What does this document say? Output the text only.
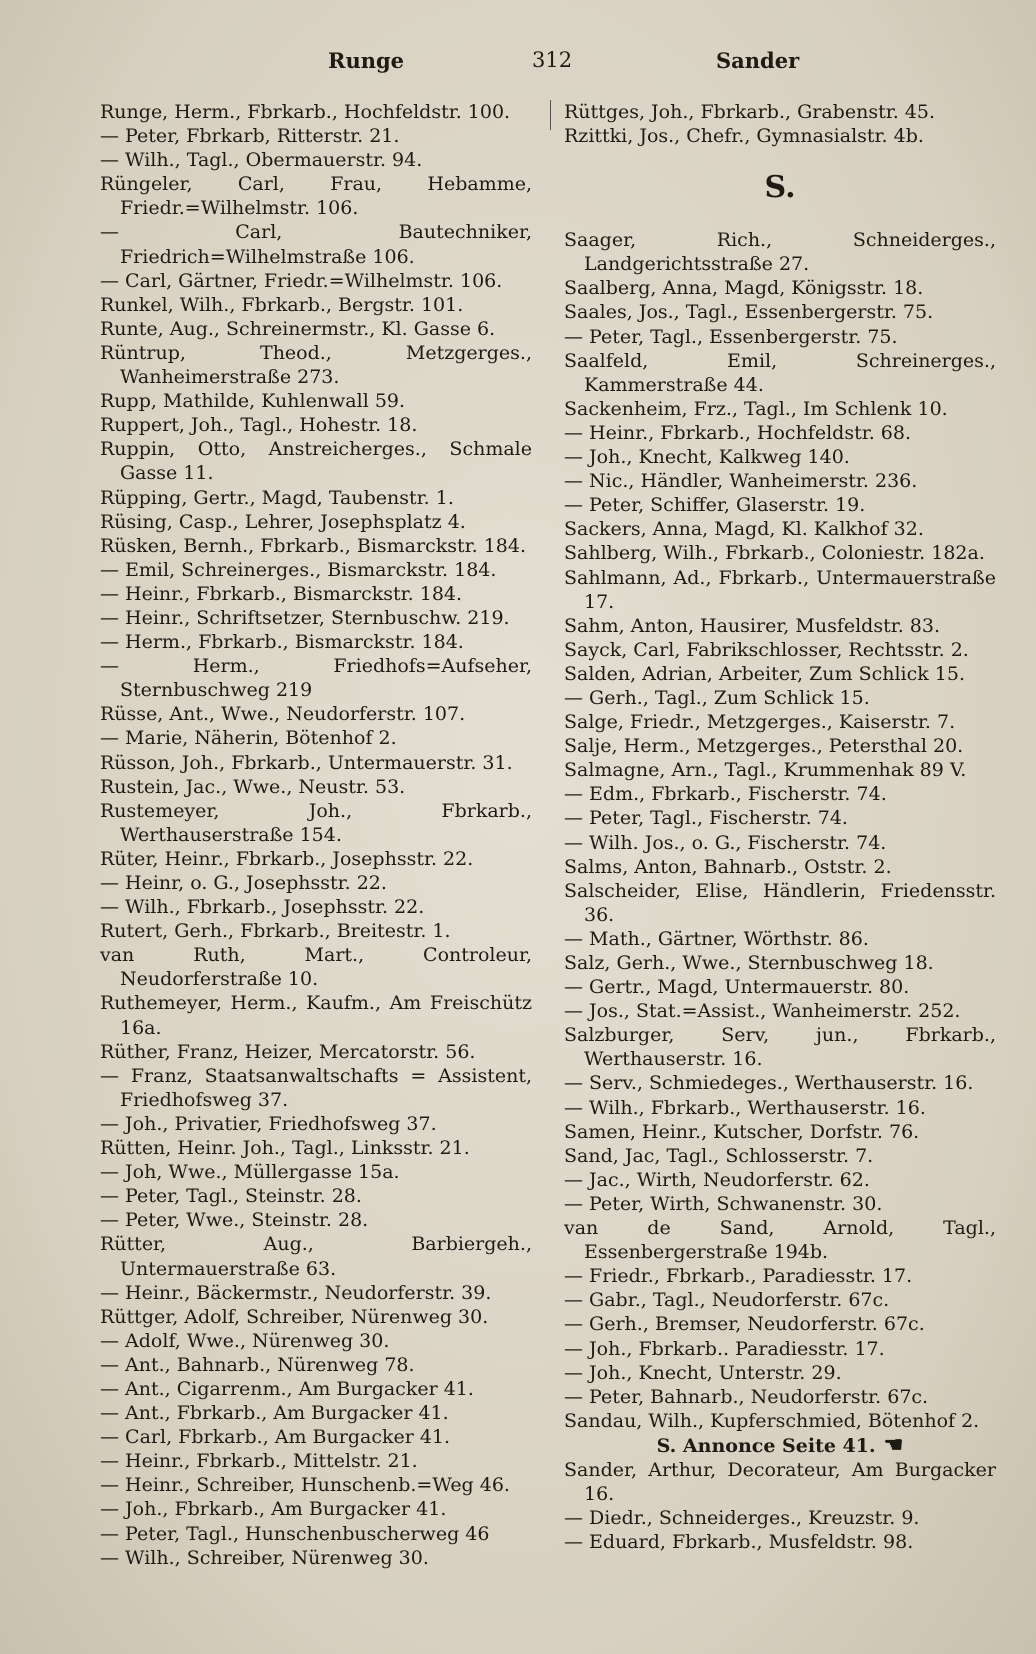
Runge	312	Sander
Runge, Herm., Fbrkarb., Hochfeldstr. 100.
— Peter, Fbrkarb, Ritterstr. 21.
— Wilh., Tagl., Obermauerstr. 94.
Rüngeler, Carl, Frau, Hebamme, Friedr.=Wilhelmstr. 106.
— Carl, Bautechniker, Friedrich=Wilhelmstraße 106.
— Carl, Gärtner, Friedr.=Wilhelmstr. 106.
Runkel, Wilh., Fbrkarb., Bergstr. 101.
Runte, Aug., Schreinermstr., Kl. Gasse 6.
Rüntrup, Theod., Metzgerges., Wanheimerstraße 273.
Rupp, Mathilde, Kuhlenwall 59.
Ruppert, Joh., Tagl., Hohestr. 18.
Ruppin, Otto, Anstreicherges., Schmale Gasse 11.
Rüpping, Gertr., Magd, Taubenstr. 1.
Rüsing, Casp., Lehrer, Josephsplatz 4.
Rüsken, Bernh., Fbrkarb., Bismarckstr. 184.
— Emil, Schreinerges., Bismarckstr. 184.
— Heinr., Fbrkarb., Bismarckstr. 184.
— Heinr., Schriftsetzer, Sternbuschw. 219.
— Herm., Fbrkarb., Bismarckstr. 184.
— Herm., Friedhofs=Aufseher, Sternbuschweg 219
Rüsse, Ant., Wwe., Neudorferstr. 107.
— Marie, Näherin, Bötenhof 2.
Rüsson, Joh., Fbrkarb., Untermauerstr. 31.
Rustein, Jac., Wwe., Neustr. 53.
Rustemeyer, Joh., Fbrkarb., Werthauserstraße 154.
Rüter, Heinr., Fbrkarb., Josephsstr. 22.
— Heinr, o. G., Josephsstr. 22.
— Wilh., Fbrkarb., Josephsstr. 22.
Rutert, Gerh., Fbrkarb., Breitestr. 1.
van Ruth, Mart., Controleur, Neudorferstraße 10.
Ruthemeyer, Herm., Kaufm., Am Freischütz 16a.
Rüther, Franz, Heizer, Mercatorstr. 56.
— Franz, Staatsanwaltschafts = Assistent, Friedhofsweg 37.
— Joh., Privatier, Friedhofsweg 37.
Rütten, Heinr. Joh., Tagl., Linksstr. 21.
— Joh, Wwe., Müllergasse 15a.
— Peter, Tagl., Steinstr. 28.
— Peter, Wwe., Steinstr. 28.
Rütter, Aug., Barbiergeh., Untermauerstraße 63.
— Heinr., Bäckermstr., Neudorferstr. 39.
Rüttger, Adolf, Schreiber, Nürenweg 30.
— Adolf, Wwe., Nürenweg 30.
— Ant., Bahnarb., Nürenweg 78.
— Ant., Cigarrenm., Am Burgacker 41.
— Ant., Fbrkarb., Am Burgacker 41.
— Carl, Fbrkarb., Am Burgacker 41.
— Heinr., Fbrkarb., Mittelstr. 21.
— Heinr., Schreiber, Hunschenb.=Weg 46.
— Joh., Fbrkarb., Am Burgacker 41.
— Peter, Tagl., Hunschenbuscherweg 46
— Wilh., Schreiber, Nürenweg 30.
Rüttges, Joh., Fbrkarb., Grabenstr. 45.
Rzittki, Jos., Chefr., Gymnasialstr. 4b.
S.
Saager, Rich., Schneiderges., Landgerichtsstraße 27.
Saalberg, Anna, Magd, Königsstr. 18.
Saales, Jos., Tagl., Essenbergerstr. 75.
— Peter, Tagl., Essenbergerstr. 75.
Saalfeld, Emil, Schreinerges., Kammerstraße 44.
Sackenheim, Frz., Tagl., Im Schlenk 10.
— Heinr., Fbrkarb., Hochfeldstr. 68.
— Joh., Knecht, Kalkweg 140.
— Nic., Händler, Wanheimerstr. 236.
— Peter, Schiffer, Glaserstr. 19.
Sackers, Anna, Magd, Kl. Kalkhof 32.
Sahlberg, Wilh., Fbrkarb., Coloniestr. 182a.
Sahlmann, Ad., Fbrkarb., Untermauerstraße 17.
Sahm, Anton, Hausirer, Musfeldstr. 83.
Sayck, Carl, Fabrikschlosser, Rechtsstr. 2.
Salden, Adrian, Arbeiter, Zum Schlick 15.
— Gerh., Tagl., Zum Schlick 15.
Salge, Friedr., Metzgerges., Kaiserstr. 7.
Salje, Herm., Metzgerges., Petersthal 20.
Salmagne, Arn., Tagl., Krummenhak 89 V.
— Edm., Fbrkarb., Fischerstr. 74.
— Peter, Tagl., Fischerstr. 74.
— Wilh. Jos., o. G., Fischerstr. 74.
Salms, Anton, Bahnarb., Oststr. 2.
Salscheider, Elise, Händlerin, Friedensstr. 36.
— Math., Gärtner, Wörthstr. 86.
Salz, Gerh., Wwe., Sternbuschweg 18.
— Gertr., Magd, Untermauerstr. 80.
— Jos., Stat.=Assist., Wanheimerstr. 252.
Salzburger, Serv, jun., Fbrkarb., Werthauserstr. 16.
— Serv., Schmiedeges., Werthauserstr. 16.
— Wilh., Fbrkarb., Werthauserstr. 16.
Samen, Heinr., Kutscher, Dorfstr. 76.
Sand, Jac, Tagl., Schlosserstr. 7.
— Jac., Wirth, Neudorferstr. 62.
— Peter, Wirth, Schwanenstr. 30.
van de Sand, Arnold, Tagl., Essenbergerstraße 194b.
— Friedr., Fbrkarb., Paradiesstr. 17.
— Gabr., Tagl., Neudorferstr. 67c.
— Gerh., Bremser, Neudorferstr. 67c.
— Joh., Fbrkarb.. Paradiesstr. 17.
— Joh., Knecht, Unterstr. 29.
— Peter, Bahnarb., Neudorferstr. 67c.
Sandau, Wilh., Kupferschmied, Bötenhof 2.
S. Annonce Seite 41. ☚
Sander, Arthur, Decorateur, Am Burgacker 16.
— Diedr., Schneiderges., Kreuzstr. 9.
— Eduard, Fbrkarb., Musfeldstr. 98.
